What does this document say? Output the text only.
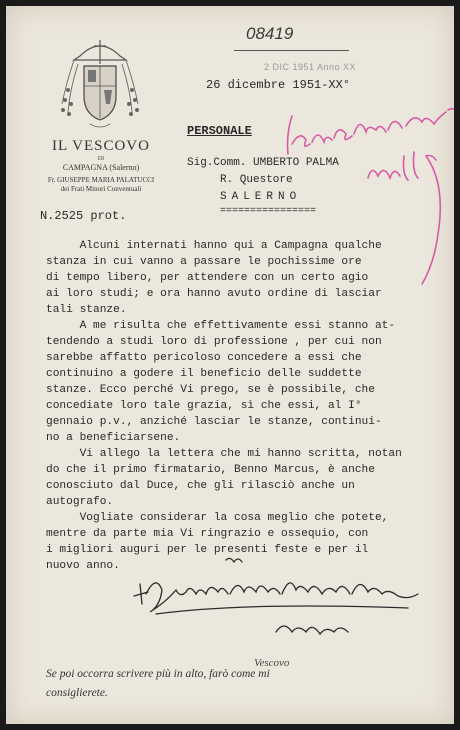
IL VESCOVO
DI
CAMPAGNA (Salerno)
Fr. GIUSEPPE MARIA PALATUCCI
dei Frati Minori Conventuali
N.2525 prot.
08419
2 DIC 1951 Anno XX
26 dicembre 1951-XX°
PERSONALE
Sig.Comm. UMBERTO PALMA
R. Questore
SALERNO
================
Alcuni internati hanno qui a Campagna qualche
stanza in cui vanno a passare le pochissime ore
di tempo libero, per attendere con un certo agio
ai loro studi; e ora hanno avuto ordine di lasciar
tali stanze.
A me risulta che effettivamente essi stanno at-
tendendo a studi loro di professione , per cui non
sarebbe affatto pericoloso concedere a essi che
continuino a godere il beneficio delle suddette
stanze. Ecco perché Vi prego, se è possibile, che
concediate loro tale grazia, sì che essi, al I°
gennaio p.v., anziché lasciar le stanze, continui-
no a beneficiarsene.
Vi allego la lettera che mi hanno scritta, notan
do che il primo firmatario, Benno Marcus, è anche
conosciuto dal Duce, che gli rilasciò anche un
autografo.
Vogliate considerar la cosa meglio che potete,
mentre da parte mia Vi ringrazio e ossequio, con
i migliori auguri per le presenti feste e per il
nuovo anno.
Vescovo
Se poi occorra scrivere più in alto, farò come mi
consiglierete.
